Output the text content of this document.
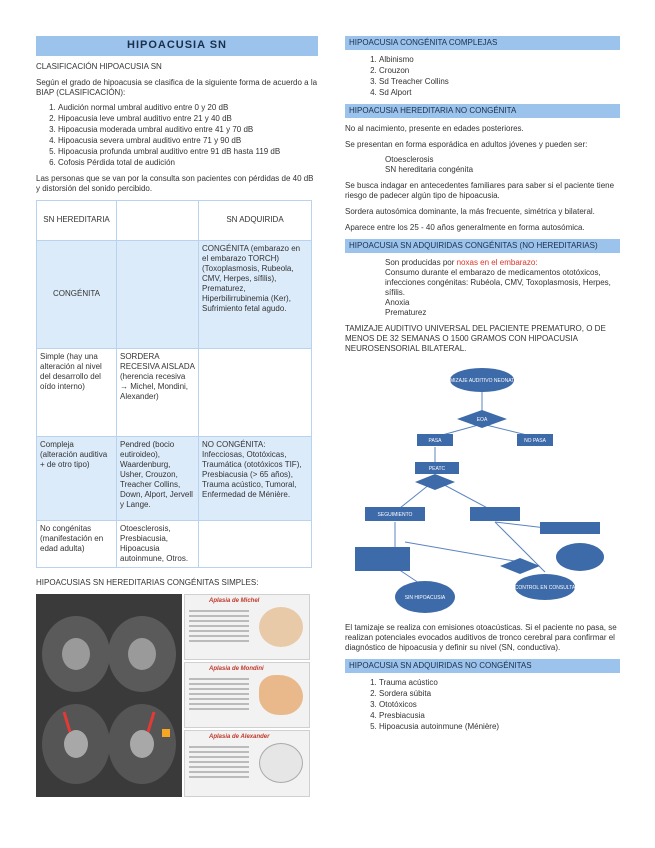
HIPOACUSIA SN
CLASIFICACIÓN HIPOACUSIA SN

Según el grado de hipoacusia se clasifica de la siguiente forma de acuerdo a la BIAP (CLASIFICACIÓN):

1. Audición normal umbral auditivo entre 0 y 20 dB
2. Hipoacusia leve umbral auditivo entre 21 y 40 dB
3. Hipoacusia moderada umbral auditivo entre 41 y 70 dB
4. Hipoacusia severa umbral auditivo entre 71 y 90 dB
5. Hipoacusia profunda umbral auditivo entre 91 dB hasta 119 dB
6. Cofosis Pérdida total de audición

Las personas que se van por la consulta son pacientes con pérdidas de 40 dB y distorsión del sonido percibido.

SN HEREDITARIA		SN ADQUIRIDA
CONGÉNITA		CONGÉNITA (embarazo en el embarazo TORCH) (Toxoplasmosis, Rubeola, CMV, Herpes, sífilis), Prematurez, Hiperbilirrubinemia (Ker), Sufrimiento fetal agudo.
Simple (hay una alteración al nivel del desarrollo del oído interno)	SORDERA RECESIVA AISLADA (herencia recesiva → Michel, Mondini, Alexander)	
Compleja (alteración auditiva + de otro tipo)	Pendred (bocio eutiroideo), Waardenburg, Usher, Crouzon, Treacher Collins, Down, Alport, Jervell y Lange.	NO CONGÉNITA: Infecciosas, Ototóxicas, Traumática (ototóxicos TIF), Presbiacusia (> 65 años), Trauma acústico, Tumoral, Enfermedad de Ménière.
No congénitas (manifestación en edad adulta)	Otoesclerosis, Presbiacusia, Hipoacusia autoinmune, Otros.	
HIPOACUSIAS SN HEREDITARIAS CONGÉNITAS SIMPLES:
Aplasia de Michel
Aplasia de Mondini
Aplasia de Alexander
HIPOACUSIA CONGÉNITA COMPLEJAS
1. Albinismo
2. Crouzon
3. Sd Treacher Collins
4. Sd Alport
HIPOACUSIA HEREDITARIA NO CONGÉNITA

No al nacimiento, presente en edades posteriores.

Se presentan en forma esporádica en adultos jóvenes y pueden ser:

Otoesclerosis
SN hereditaria congénita

Se busca indagar en antecedentes familiares para saber si el paciente tiene riesgo de padecer algún tipo de hipoacusia.

Sordera autosómica dominante, la más frecuente, simétrica y bilateral.

Aparece entre los 25 - 40 años generalmente en forma autosómica.

HIPOACUSIA SN ADQUIRIDAS CONGÉNITAS (NO HEREDITARIAS)
Son producidas por noxas en el embarazo:
Consumo durante el embarazo de medicamentos ototóxicos, infecciones congénitas: Rubéola, CMV, Toxoplasmosis, Herpes, sífilis.
Anoxia
Prematurez

TAMIZAJE AUDITIVO UNIVERSAL DEL PACIENTE PREMATURO, O DE MENOS DE 32 SEMANAS O 1500 GRAMOS CON HIPOACUSIA NEUROSENSORIAL BILATERAL.

TAMIZAJE AUDITIVO NEONATAL
EOA
PASA	NO PASA
PEATC
SEGUIMIENTO
CONTROL EN CONSULTA
SIN HIPOACUSIA

El tamizaje se realiza con emisiones otoacústicas. Si el paciente no pasa, se realizan potenciales evocados auditivos de tronco cerebral para confirmar el diagnóstico de hipoacusia y definir su nivel (SN, conductiva).

HIPOACUSIA SN ADQUIRIDAS NO CONGÉNITAS
1. Trauma acústico
2. Sordera súbita
3. Ototóxicos
4. Presbiacusia
5. Hipoacusia autoinmune (Ménière)
